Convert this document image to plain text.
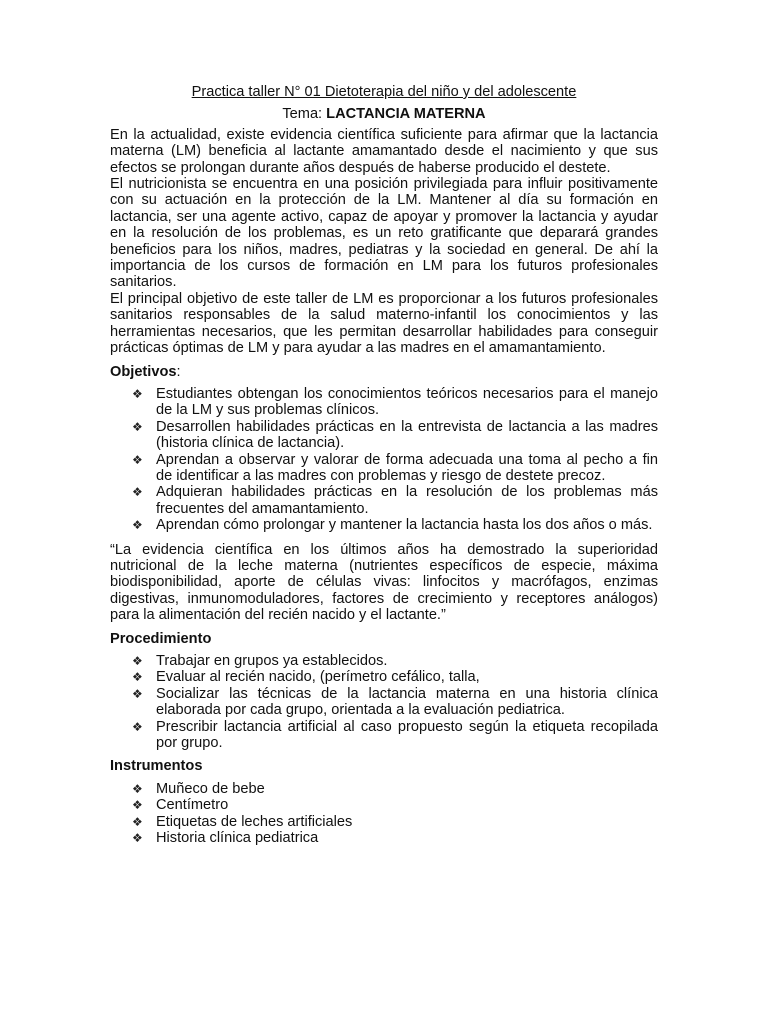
Practica taller N° 01 Dietoterapia del niño y del adolescente
Tema: LACTANCIA MATERNA

En la actualidad, existe evidencia científica suficiente para afirmar que la lactancia materna (LM) beneficia al lactante amamantado desde el nacimiento y que sus efectos se prolongan durante años después de haberse producido el destete.

El nutricionista se encuentra en una posición privilegiada para influir positivamente con su actuación en la protección de la LM. Mantener al día su formación en lactancia, ser una agente activo, capaz de apoyar y promover la lactancia y ayudar en la resolución de los problemas, es un reto gratificante que deparará grandes beneficios para los niños, madres, pediatras y la sociedad en general. De ahí la importancia de los cursos de formación en LM para los futuros profesionales sanitarios.

El principal objetivo de este taller de LM es proporcionar a los futuros profesionales sanitarios responsables de la salud materno-infantil los conocimientos y las herramientas necesarios, que les permitan desarrollar habilidades para conseguir prácticas óptimas de LM y para ayudar a las madres en el amamantamiento.

Objetivos:
❖ Estudiantes obtengan los conocimientos teóricos necesarios para el manejo de la LM y sus problemas clínicos.
❖ Desarrollen habilidades prácticas en la entrevista de lactancia a las madres (historia clínica de lactancia).
❖ Aprendan a observar y valorar de forma adecuada una toma al pecho a fin de identificar a las madres con problemas y riesgo de destete precoz.
❖ Adquieran habilidades prácticas en la resolución de los problemas más frecuentes del amamantamiento.
❖ Aprendan cómo prolongar y mantener la lactancia hasta los dos años o más.

“La evidencia científica en los últimos años ha demostrado la superioridad nutricional de la leche materna (nutrientes específicos de especie, máxima biodisponibilidad, aporte de células vivas: linfocitos y macrófagos, enzimas digestivas, inmunomoduladores, factores de crecimiento y receptores análogos) para la alimentación del recién nacido y el lactante.”

Procedimiento
❖ Trabajar en grupos ya establecidos.
❖ Evaluar al recién nacido, (perímetro cefálico, talla,
❖ Socializar las técnicas de la lactancia materna en una historia clínica elaborada por cada grupo, orientada a la evaluación pediatrica.
❖ Prescribir lactancia artificial al caso propuesto según la etiqueta recopilada por grupo.
Instrumentos
❖ Muñeco de bebe
❖ Centímetro
❖ Etiquetas de leches artificiales
❖ Historia clínica pediatrica
